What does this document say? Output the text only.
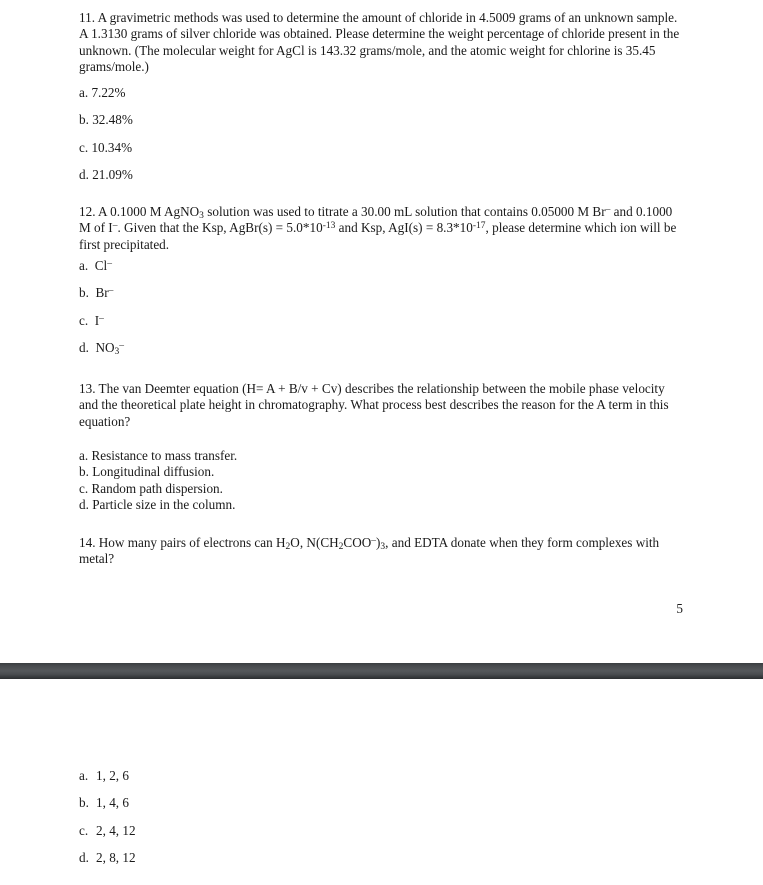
11. A gravimetric methods was used to determine the amount of chloride in 4.5009 grams of an unknown sample. A 1.3130 grams of silver chloride was obtained. Please determine the weight percentage of chloride present in the unknown. (The molecular weight for AgCl is 143.32 grams/mole, and the atomic weight for chlorine is 35.45 grams/mole.)

a. 7.22%

b. 32.48%

c. 10.34%

d. 21.09%

12. A 0.1000 M AgNO$_3$ solution was used to titrate a 30.00 mL solution that contains 0.05000 M Br– and 0.1000 M of I–. Given that the Ksp, AgBr(s) = $5.0*10^{-13}$ and Ksp, $AgI(s) = 8.3*10^{-17}$, please determine which ion will be first precipitated.

a. Cl–

b. Br–

c. I–

d. $NO_3^-$

13. The van Deemter equation (H= A + B/v + Cv) describes the relationship between the mobile phase velocity and the theoretical plate height in chromatography. What process best describes the reason for the A term in this equation?

a. Resistance to mass transfer.

b. Longitudinal diffusion.

c. Random path dispersion.

d. Particle size in the column.

14. How many pairs of electrons can $H_2O$, $N(CH_2COO^-)_3$, and EDTA donate when they form complexes with metal?

5

a. 1, 2, 6

b. 1, 4, 6

c. 2, 4, 12

d. 2, 8, 12
